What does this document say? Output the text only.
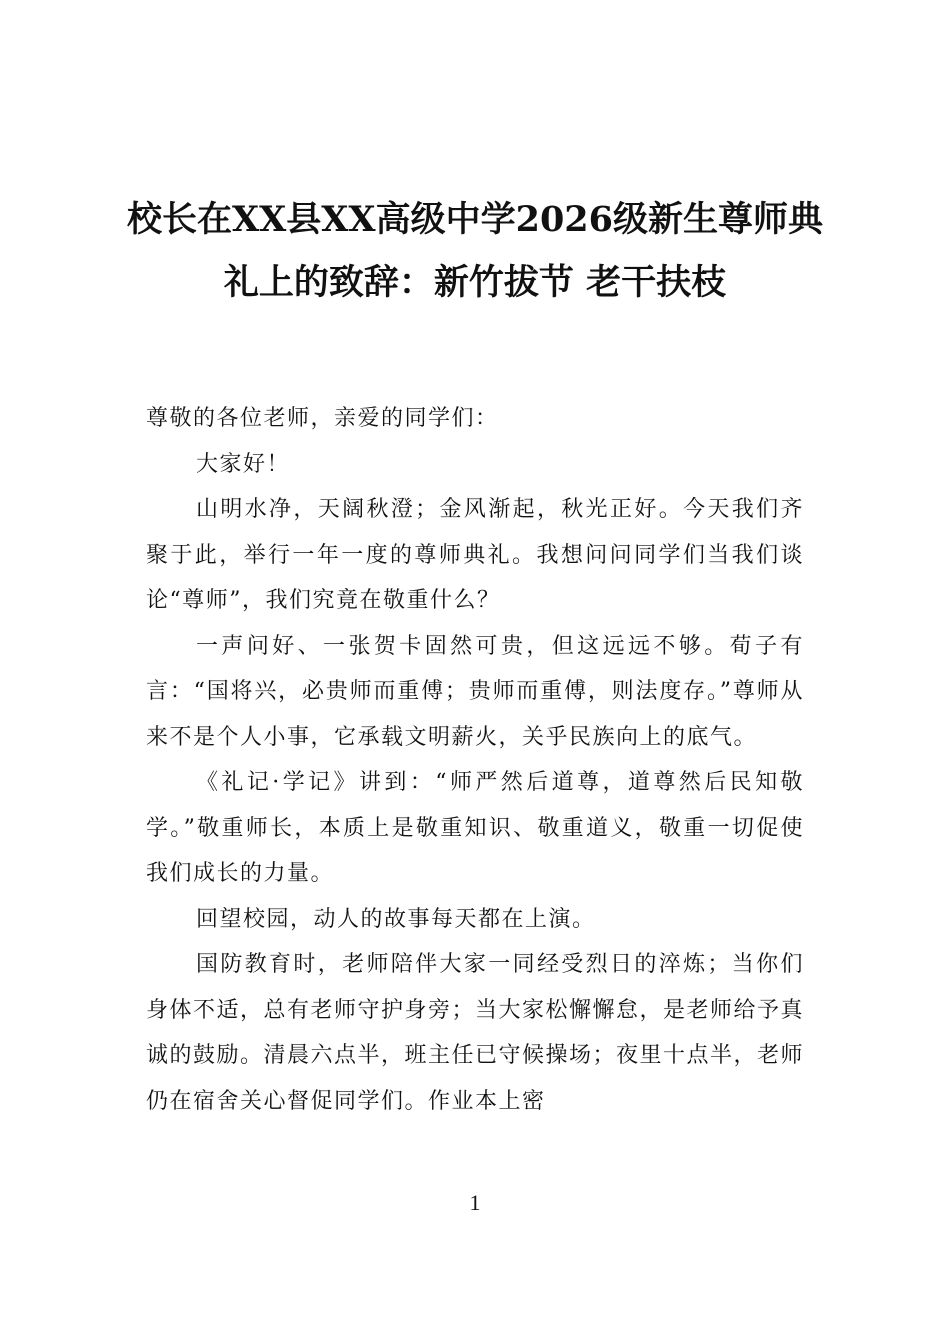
校长在XX县XX高级中学2026级新生尊师典礼上的致辞：新竹拔节 老干扶枝

尊敬的各位老师，亲爱的同学们：

大家好！

山明水净，天阔秋澄；金风渐起，秋光正好。今天我们齐聚于此，举行一年一度的尊师典礼。我想问问同学们当我们谈论“尊师”，我们究竟在敬重什么？

一声问好、一张贺卡固然可贵，但这远远不够。荀子有言：“国将兴，必贵师而重傅；贵师而重傅，则法度存。”尊师从来不是个人小事，它承载文明薪火，关乎民族向上的底气。

《礼记·学记》讲到：“师严然后道尊，道尊然后民知敬学。”敬重师长，本质上是敬重知识、敬重道义，敬重一切促使我们成长的力量。

回望校园，动人的故事每天都在上演。

国防教育时，老师陪伴大家一同经受烈日的淬炼；当你们身体不适，总有老师守护身旁；当大家松懈懈怠，是老师给予真诚的鼓励。清晨六点半，班主任已守候操场；夜里十点半，老师仍在宿舍关心督促同学们。作业本上密

1
